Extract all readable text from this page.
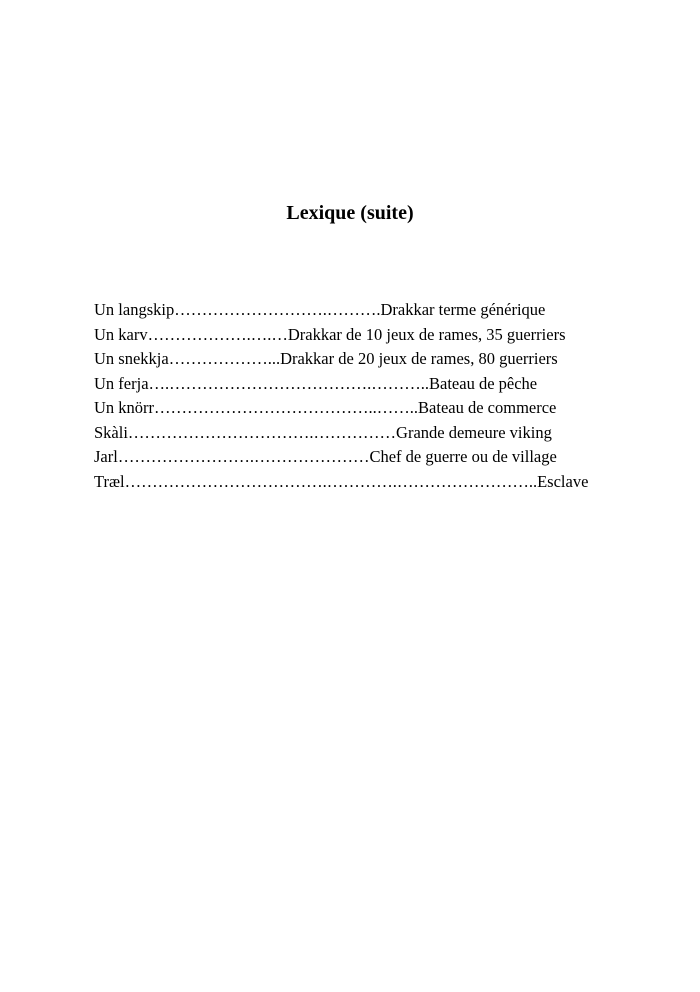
Lexique (suite)
Un langskip……………………….……….Drakkar terme générique
Un karv……………….….…Drakkar de 10 jeux de rames, 35 guerriers
Un snekkja………………...Drakkar de 20 jeux de rames, 80 guerriers
Un ferja….……………………………….………..Bateau de pêche
Un knörr…………………………………..……..Bateau de commerce
Skàli…………………………….……………Grande demeure viking
Jarl…………………….…………………Chef de guerre ou de village
Træl……………………………….………….……………………..Esclave
